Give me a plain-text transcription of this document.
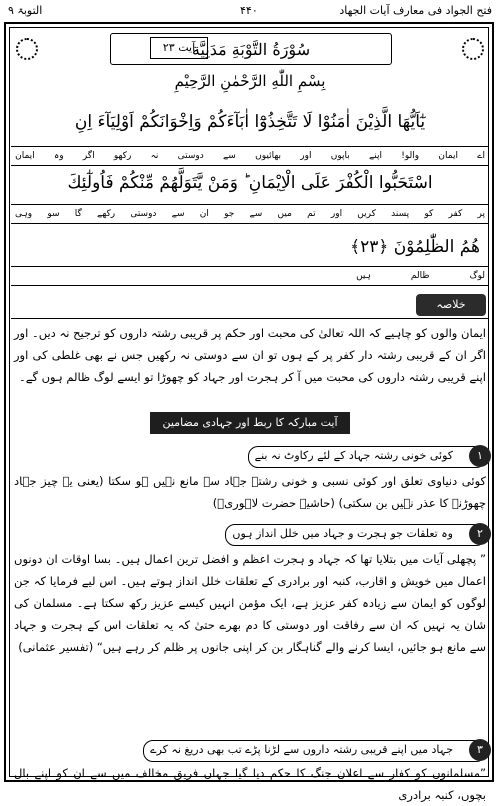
التوبۃ ۹	۴۴۰	فتح الجواد فی معارف آیات الجهاد
سُوْرَةُ التَّوْبَةِ مَدَنِيَّة
آیت ۲۳
بِسْمِ اللّٰهِ الرَّحْمٰنِ الرَّحِيْمِ
يٰٓاَيُّهَا الَّذِيْنَ اٰمَنُوْا لَا تَتَّخِذُوْٓا اٰبَآءَكُمْ وَاِخْوَانَكُمْ اَوْلِيَآءَ اِنِ
اے
ایمان
والو!
اپنے
باپوں
اور
بھائیوں
سے
دوستی
نہ
رکھو
اگر
وہ
ایمان
اسْتَحَبُّوا الْكُفْرَ عَلَى الْاِيْمَانِ ؕ وَمَنْ يَّتَوَلَّهُمْ مِّنْكُمْ فَاُولٰٓئِكَ
پر
کفر
کو
پسند
کریں
اور
تم
میں
سے
جو
ان
سے
دوستی
رکھے
گا
سو
وہی
هُمُ الظّٰلِمُوْنَ ﴿۲۳﴾
لوگ
ظالم
ہیں
خلاصہ
ایمان والوں کو چاہیے کہ اللہ تعالیٰ کی محبت اور حکم پر قریبی رشتہ داروں کو ترجیح نہ دیں۔ اور اگر ان کے قریبی رشتہ دار کفر پر کے ہوں تو ان سے دوستی نہ رکھیں جس نے بھی غلطی کی اور اپنے قریبی رشتہ داروں کی محبت میں آ کر ہجرت اور جہاد کو چھوڑا تو ایسے لوگ ظالم ہوں گے۔
آیت مبارکہ کا ربط اور جہادی مضامین
۱
کوئی خونی رشتہ جہاد کے لئے رکاوٹ نہ بنے
کوئی دنیاوی تعلق اور کوئی نسبی و خونی رشتہ جہاد سے مانع نہیں ہو سکتا (یعنی یہ چیز جہاد چھوڑنے کا عذر نہیں بن سکتی) (حاشیہ حضرت لاہوریؒ)
۲
وہ تعلقات جو ہجرت و جہاد میں خلل انداز ہوں
” پچھلی آیات میں بتلایا تھا کہ جہاد و ہجرت اعظم و افضل ترین اعمال ہیں۔ بسا اوقات ان دونوں اعمال میں خویش و اقارب، کنبہ اور برادری کے تعلقات خلل انداز ہوتے ہیں۔ اس لیے فرمایا کہ جن لوگوں کو ایمان سے زیادہ کفر عزیز ہے، ایک مؤمن انہیں کیسے عزیز رکھ سکتا ہے۔ مسلمان کی شان یہ نہیں کہ ان سے رفاقت اور دوستی کا دم بھرے حتیٰ کہ یہ تعلقات اس کے ہجرت و جہاد سے مانع ہو جائیں، ایسا کرنے والے گناہگار بن کر اپنی جانوں پر ظلم کر رہے ہیں“ (تفسیر عثمانی)
۳
جہاد میں اپنے قریبی رشتہ داروں سے لڑنا پڑے تب بھی دریغ نہ کرے
”مسلمانوں کو کفار سے اعلانِ جنگ کا حکم دیا گیا جہاں فریق مخالف میں سے ان کو اپنے بال بچوں، کنبہ برادری
